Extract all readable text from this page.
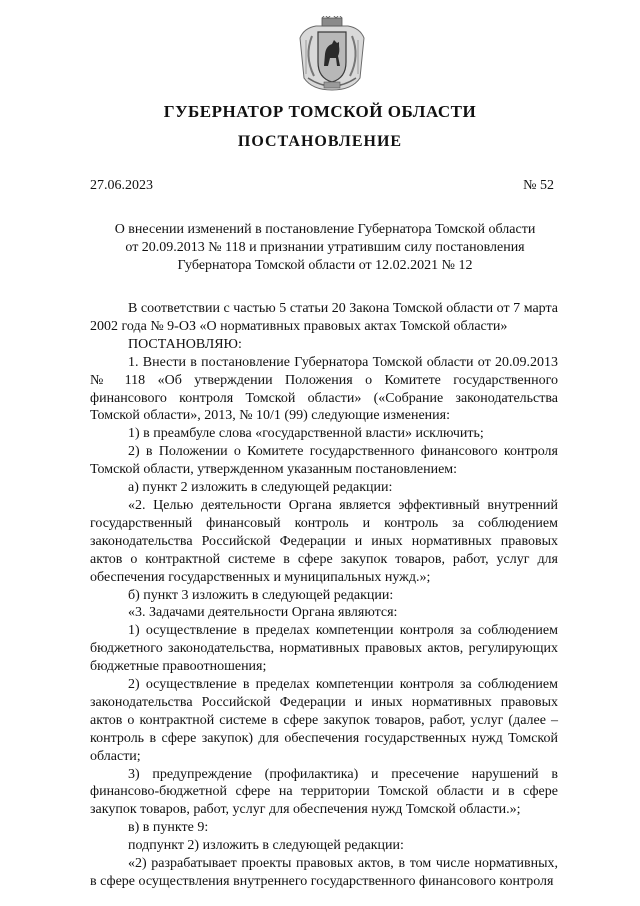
ГУБЕРНАТОР ТОМСКОЙ ОБЛАСТИ
ПОСТАНОВЛЕНИЕ
27.06.2023	№ 52
О внесении изменений в постановление Губернатора Томской области
от 20.09.2013 № 118 и признании утратившим силу постановления
Губернатора Томской области от 12.02.2021 № 12

В соответствии с частью 5 статьи 20 Закона Томской области от 7 марта 2002 года № 9-ОЗ «О нормативных правовых актах Томской области»

ПОСТАНОВЛЯЮ:

1. Внести в постановление Губернатора Томской области от 20.09.2013 № 118 «Об утверждении Положения о Комитете государственного финансового контроля Томской области» («Собрание законодательства Томской области», 2013, № 10/1 (99) следующие изменения:

1) в преамбуле слова «государственной власти» исключить;

2) в Положении о Комитете государственного финансового контроля Томской области, утвержденном указанным постановлением:

а) пункт 2 изложить в следующей редакции:

«2. Целью деятельности Органа является эффективный внутренний государственный финансовый контроль и контроль за соблюдением законодательства Российской Федерации и иных нормативных правовых актов о контрактной системе в сфере закупок товаров, работ, услуг для обеспечения государственных и муниципальных нужд.»;

б) пункт 3 изложить в следующей редакции:

«3. Задачами деятельности Органа являются:

1) осуществление в пределах компетенции контроля за соблюдением бюджетного законодательства, нормативных правовых актов, регулирующих бюджетные правоотношения;

2) осуществление в пределах компетенции контроля за соблюдением законодательства Российской Федерации и иных нормативных правовых актов о контрактной системе в сфере закупок товаров, работ, услуг (далее – контроль в сфере закупок) для обеспечения государственных нужд Томской области;

3) предупреждение (профилактика) и пресечение нарушений в финансово-бюджетной сфере на территории Томской области и в сфере закупок товаров, работ, услуг для обеспечения нужд Томской области.»;

в) в пункте 9:

подпункт 2) изложить в следующей редакции:

«2) разрабатывает проекты правовых актов, в том числе нормативных, в сфере осуществления внутреннего государственного финансового контроля
